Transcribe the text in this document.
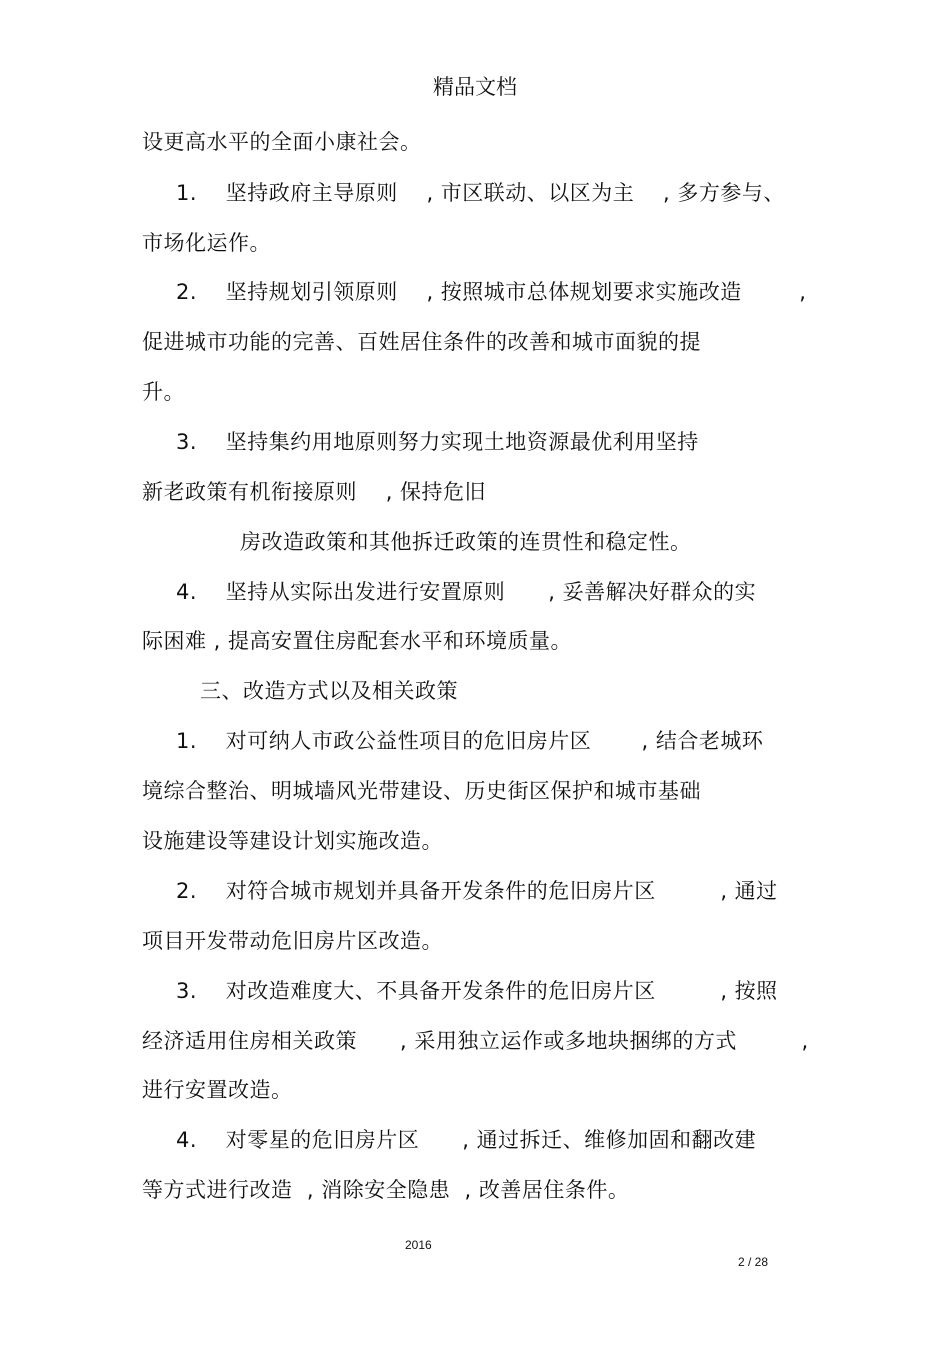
精品文档
设更高水平的全面小康社会。
1.    坚持政府主导原则    , 市区联动、以区为主    , 多方参与、
市场化运作。
2.    坚持规划引领原则    , 按照城市总体规划要求实施改造        ,
促进城市功能的完善、百姓居住条件的改善和城市面貌的提
升。
3.    坚持集约用地原则努力实现土地资源最优利用坚持
新老政策有机衔接原则    , 保持危旧
房改造政策和其他拆迁政策的连贯性和稳定性。
4.    坚持从实际出发进行安置原则      , 妥善解决好群众的实
际困难 , 提高安置住房配套水平和环境质量。
三、改造方式以及相关政策
1.    对可纳人市政公益性项目的危旧房片区       , 结合老城环
境综合整治、明城墙风光带建设、历史街区保护和城市基础
设施建设等建设计划实施改造。
2.    对符合城市规划并具备开发条件的危旧房片区         , 通过
项目开发带动危旧房片区改造。
3.    对改造难度大、不具备开发条件的危旧房片区         , 按照
经济适用住房相关政策      , 采用独立运作或多地块捆绑的方式         ,
进行安置改造。
4.    对零星的危旧房片区      , 通过拆迁、维修加固和翻改建
等方式进行改造  , 消除安全隐患  , 改善居住条件。
2016
2 / 28
